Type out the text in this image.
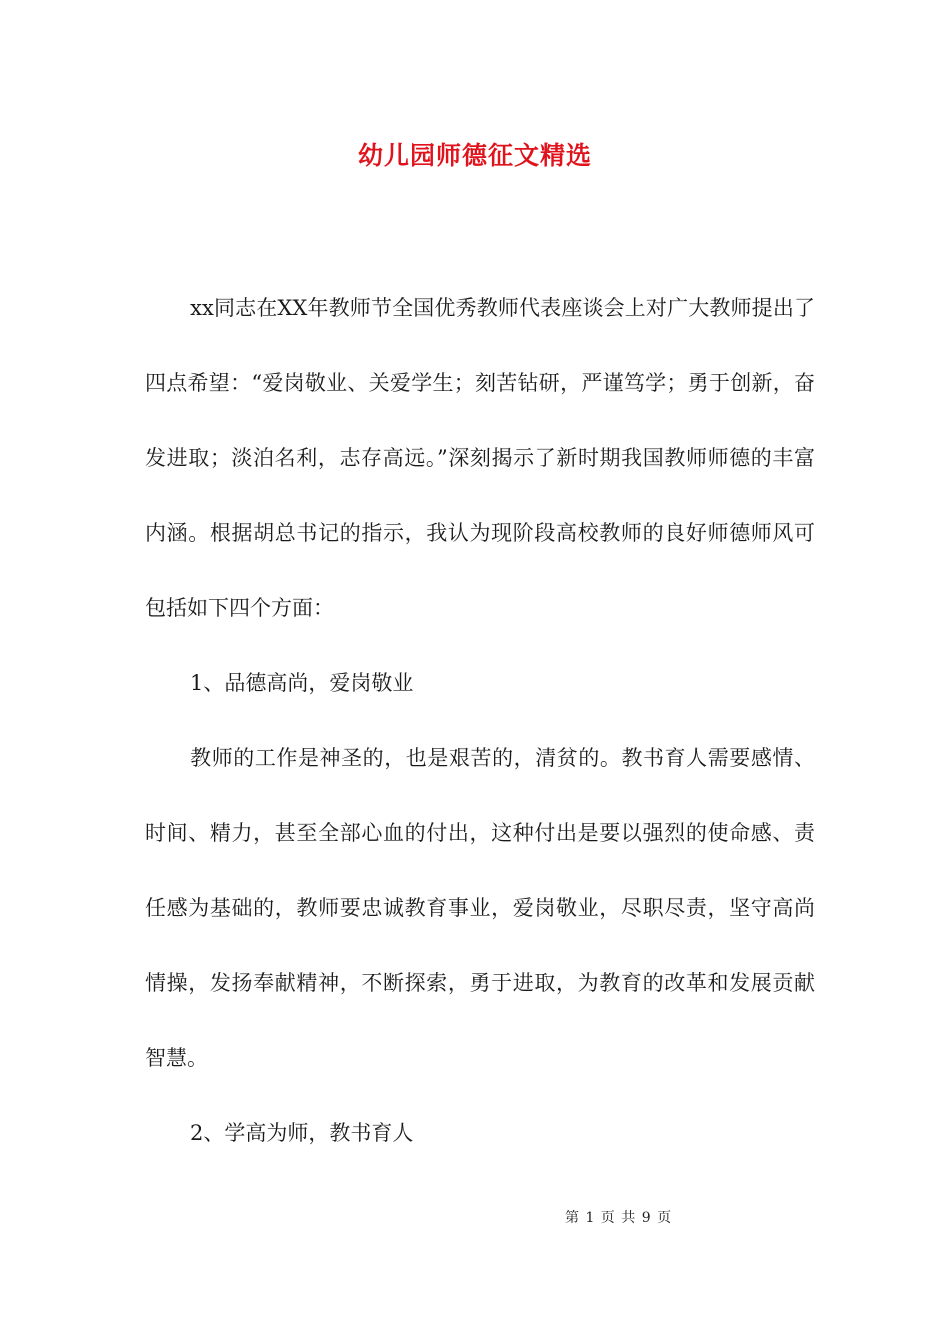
幼儿园师德征文精选

xx同志在XX年教师节全国优秀教师代表座谈会上对广大教师提出了四点希望：“爱岗敬业、关爱学生；刻苦钻研，严谨笃学；勇于创新，奋发进取；淡泊名利，志存高远。”深刻揭示了新时期我国教师师德的丰富内涵。根据胡总书记的指示，我认为现阶段高校教师的良好师德师风可包括如下四个方面：

1、品德高尚，爱岗敬业

教师的工作是神圣的，也是艰苦的，清贫的。教书育人需要感情、时间、精力，甚至全部心血的付出，这种付出是要以强烈的使命感、责任感为基础的，教师要忠诚教育事业，爱岗敬业，尽职尽责，坚守高尚情操，发扬奉献精神，不断探索，勇于进取，为教育的改革和发展贡献智慧。

2、学高为师，教书育人

第 1 页 共 9 页
